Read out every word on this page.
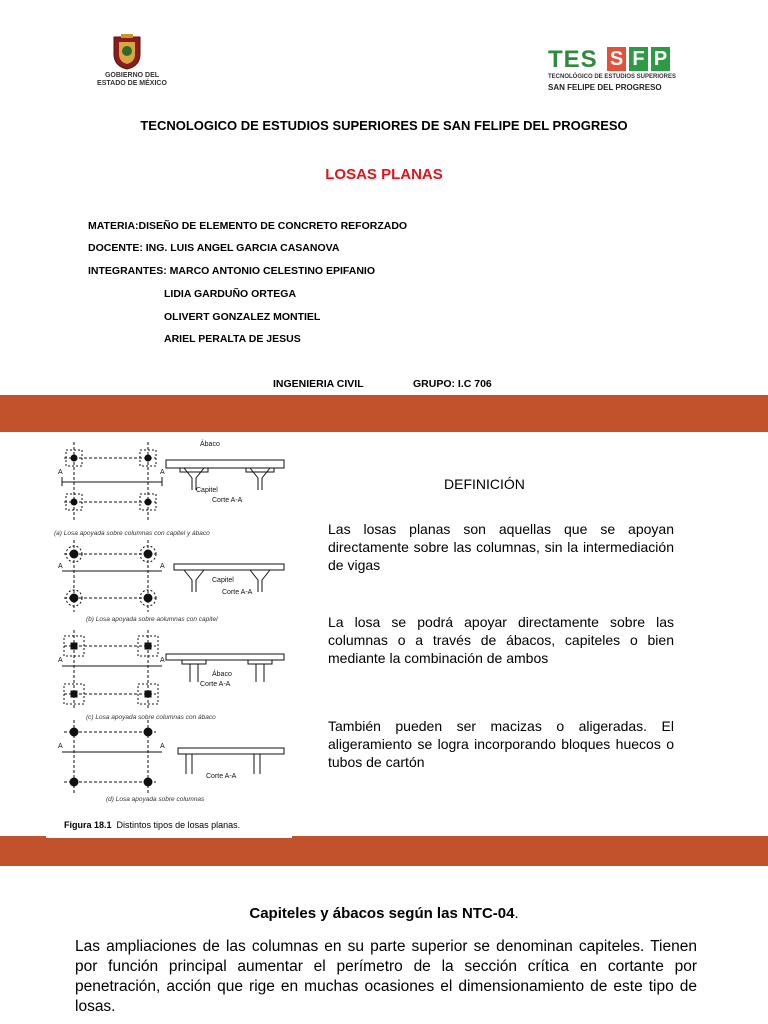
GOBIERNO DEL
ESTADO DE MÉXICO
TES S F P
TECNOLÓGICO DE ESTUDIOS SUPERIORES
SAN FELIPE DEL PROGRESO
TECNOLOGICO DE ESTUDIOS SUPERIORES DE SAN FELIPE DEL PROGRESO
LOSAS PLANAS
MATERIA:DISEÑO DE ELEMENTO DE CONCRETO REFORZADO
DOCENTE: ING. LUIS ANGEL GARCIA CASANOVA
INTEGRANTES: MARCO ANTONIO CELESTINO EPIFANIO
LIDIA GARDUÑO ORTEGA
OLIVERT GONZALEZ MONTIEL
ARIEL PERALTA DE JESUS
INGENIERIA CIVIL	GRUPO: I.C 706
Ábaco
Capitel
Corte A-A
Capitel
Corte A-A
Ábaco
Corte A-A
Corte A-A
A	A
A	A
A	A
A	A
(a) Losa apoyada sobre columnas con capitel y ábaco
(b) Losa apoyada sobre aolumnas con capitel
(c) Losa apoyada sobre columnas con ábaco
(d) Losa apoyada sobre columnas
Figura 18.1 Distintos tipos de losas planas.
DEFINICIÓN
Las losas planas son aquellas que se apoyan directamente sobre las columnas, sin la intermediación de vigas
La losa se podrá apoyar directamente sobre las columnas o a través de ábacos, capiteles o bien mediante la combinación de ambos
También pueden ser macizas o aligeradas. El aligeramiento se logra incorporando bloques huecos o tubos de cartón
Capiteles y ábacos según las NTC-04.
Las ampliaciones de las columnas en su parte superior se denominan capiteles. Tienen por función principal aumentar el perímetro de la sección crítica en cortante por penetración, acción que rige en muchas ocasiones el dimensionamiento de este tipo de losas.
